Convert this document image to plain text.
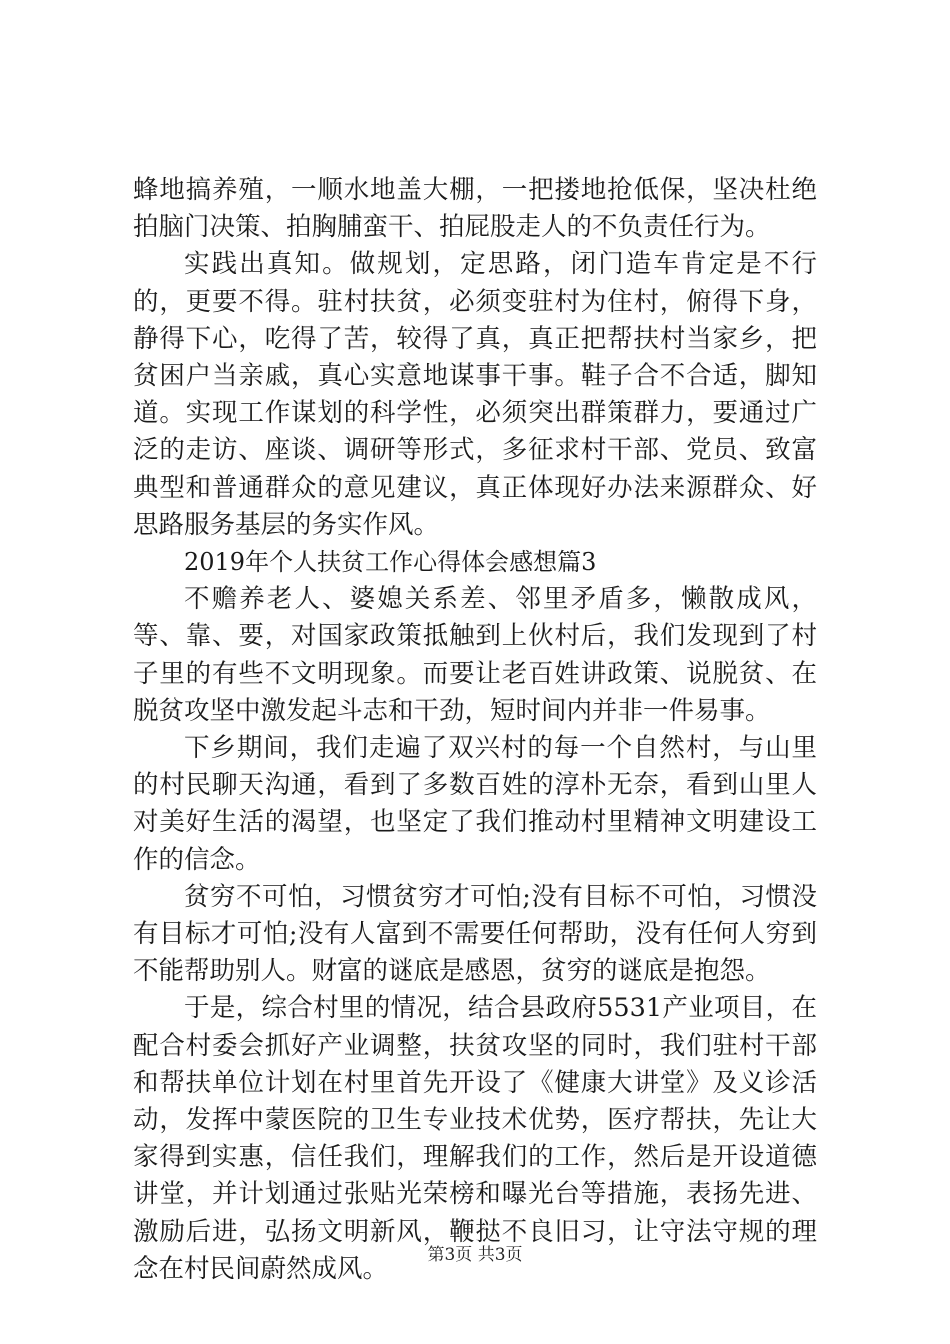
蜂地搞养殖，一顺水地盖大棚，一把搂地抢低保，坚决杜绝拍脑门决策、拍胸脯蛮干、拍屁股走人的不负责任行为。

实践出真知。做规划，定思路，闭门造车肯定是不行的，更要不得。驻村扶贫，必须变驻村为住村，俯得下身，静得下心，吃得了苦，较得了真，真正把帮扶村当家乡，把贫困户当亲戚，真心实意地谋事干事。鞋子合不合适，脚知道。实现工作谋划的科学性，必须突出群策群力，要通过广泛的走访、座谈、调研等形式，多征求村干部、党员、致富典型和普通群众的意见建议，真正体现好办法来源群众、好思路服务基层的务实作风。

2019年个人扶贫工作心得体会感想篇3

不赡养老人、婆媳关系差、邻里矛盾多，懒散成风，等、靠、要，对国家政策抵触到上伙村后，我们发现到了村子里的有些不文明现象。而要让老百姓讲政策、说脱贫、在脱贫攻坚中激发起斗志和干劲，短时间内并非一件易事。

下乡期间，我们走遍了双兴村的每一个自然村，与山里的村民聊天沟通，看到了多数百姓的淳朴无奈，看到山里人对美好生活的渴望，也坚定了我们推动村里精神文明建设工作的信念。

贫穷不可怕，习惯贫穷才可怕;没有目标不可怕，习惯没有目标才可怕;没有人富到不需要任何帮助，没有任何人穷到不能帮助别人。财富的谜底是感恩，贫穷的谜底是抱怨。

于是，综合村里的情况，结合县政府5531产业项目，在配合村委会抓好产业调整，扶贫攻坚的同时，我们驻村干部和帮扶单位计划在村里首先开设了《健康大讲堂》及义诊活动，发挥中蒙医院的卫生专业技术优势，医疗帮扶，先让大家得到实惠，信任我们，理解我们的工作，然后是开设道德讲堂，并计划通过张贴光荣榜和曝光台等措施，表扬先进、激励后进，弘扬文明新风，鞭挞不良旧习，让守法守规的理念在村民间蔚然成风。	第3页 共3页
